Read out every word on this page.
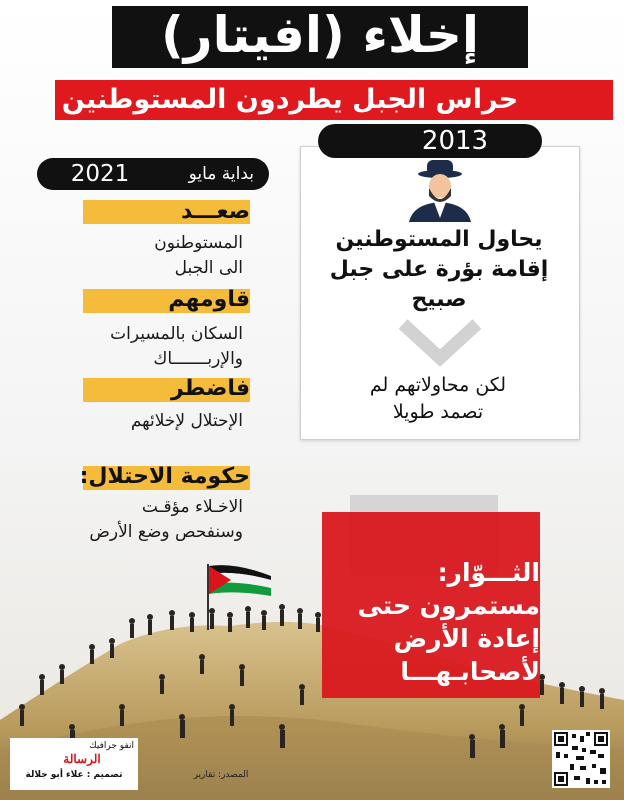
إخلاء (افيتار)
حراس الجبل يطردون المستوطنين
2013
يحاول المستوطنين
إقامة بؤرة على جبل
صبيح
لكن محاولاتهم لم
تصمد طويلا
بداية مايو
2021
صعـــد
المستوطنون
الى الجبل
قاومهم
السكان بالمسيرات
والإربـــــــاك
فاضطر
الإحتلال لإخلائهم
حكومة الاحتلال:
الاخـلاء مؤقـت
وسنفحص وضع الأرض
الثـــوّار:
مستمرون حتى
إعادة الأرض
لأصحابـهـــا
انفو جرافيك
الرسالة
تصميم : علاء أبو جلالة	المصدر: تقارير
